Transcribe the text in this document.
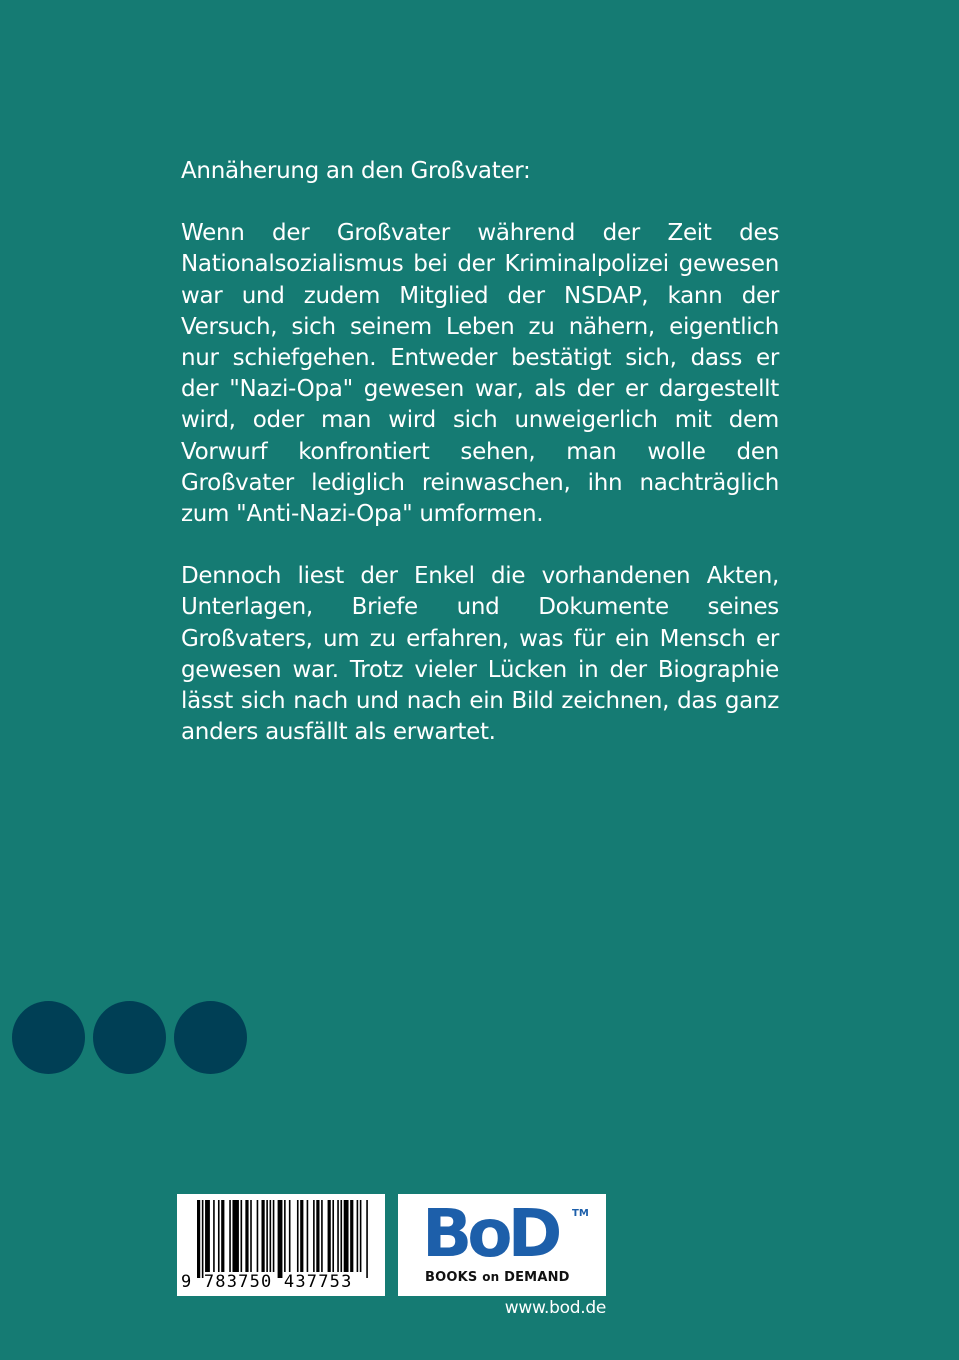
Annäherung an den Großvater:

Wenn der Großvater während der Zeit des Nationalsozialismus bei der Kriminalpolizei gewesen war und zudem Mitglied der NSDAP, kann der Versuch, sich seinem Leben zu nähern, eigentlich nur schiefgehen. Entweder bestätigt sich, dass er der "Nazi-Opa" gewesen war, als der er dargestellt wird, oder man wird sich unweigerlich mit dem Vorwurf konfrontiert sehen, man wolle den Großvater lediglich reinwaschen, ihn nachträglich zum "Anti-Nazi-Opa" umformen.

Dennoch liest der Enkel die vorhandenen Akten, Unterlagen, Briefe und Dokumente seines Großvaters, um zu erfahren, was für ein Mensch er gewesen war. Trotz vieler Lücken in der Biographie lässt sich nach und nach ein Bild zeichnen, das ganz anders ausfällt als erwartet.

9 783750 437753
BoD TM
BOOKS on DEMAND
www.bod.de
